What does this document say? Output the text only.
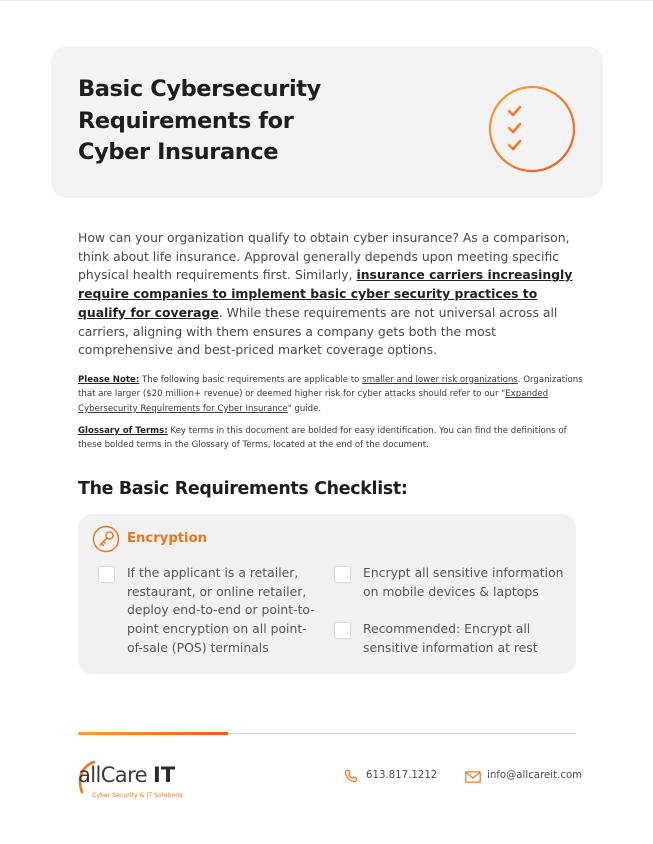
Basic Cybersecurity
Requirements for
Cyber Insurance

How can your organization qualify to obtain cyber insurance? As a comparison, think about life insurance. Approval generally depends upon meeting specific physical health requirements first. Similarly, insurance carriers increasingly require companies to implement basic cyber security practices to qualify for coverage. While these requirements are not universal across all carriers, aligning with them ensures a company gets both the most comprehensive and best-priced market coverage options.

Please Note: The following basic requirements are applicable to smaller and lower risk organizations. Organizations that are larger ($20 million+ revenue) or deemed higher risk for cyber attacks should refer to our "Expanded Cybersecurity Requirements for Cyber Insurance" guide.

Glossary of Terms: Key terms in this document are bolded for easy identification. You can find the definitions of these bolded terms in the Glossary of Terms, located at the end of the document.

The Basic Requirements Checklist:
Encryption
If the applicant is a retailer,
restaurant, or online retailer,
deploy end-to-end or point-to-
point encryption on all point-
of-sale (POS) terminals
Encrypt all sensitive information
on mobile devices & laptops
Recommended: Encrypt all
sensitive information at rest
allCare IT
Cyber Security & IT Solutions
613.817.1212	info@allcareit.com
